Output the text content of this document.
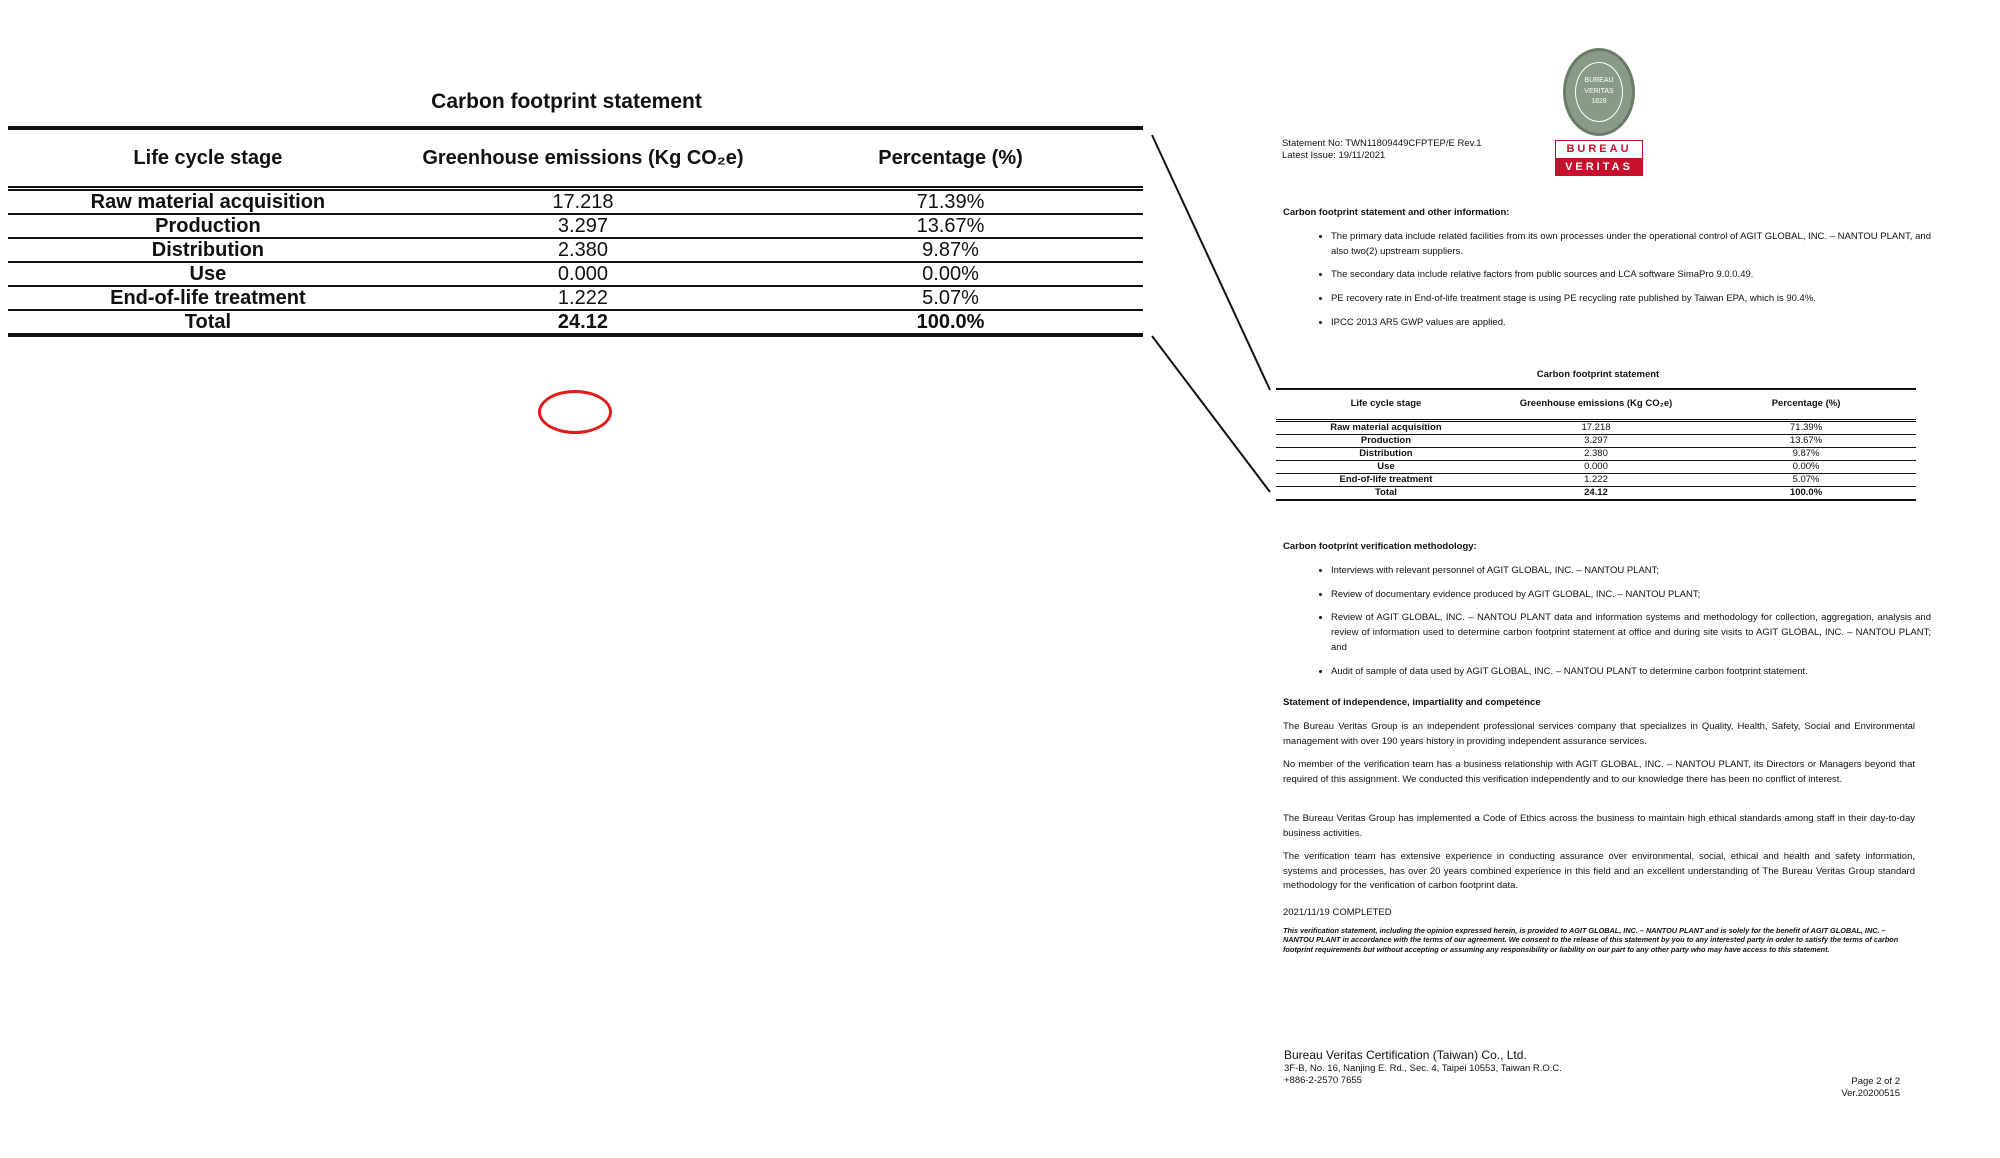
Carbon footprint statement
Life cycle stage	Greenhouse emissions (Kg CO₂e)	Percentage (%)
Raw material acquisition	17.218	71.39%
Production	3.297	13.67%
Distribution	2.380	9.87%
Use	0.000	0.00%
End-of-life treatment	1.222	5.07%
Total	24.12	100.0%
BUREAU VERITAS 1828
BUREAU
VERITAS
Statement No: TWN11809449CFPTEP/E Rev.1
Latest Issue: 19/11/2021
Carbon footprint statement and other information:
• The primary data include related facilities from its own processes under the operational control of AGIT GLOBAL, INC. – NANTOU PLANT, and also two(2) upstream suppliers.
• The secondary data include relative factors from public sources and LCA software SimaPro 9.0.0.49.
• PE recovery rate in End-of-life treatment stage is using PE recycling rate published by Taiwan EPA, which is 90.4%.
• IPCC 2013 AR5 GWP values are applied.
Carbon footprint statement
Life cycle stage	Greenhouse emissions (Kg CO₂e)	Percentage (%)
Raw material acquisition	17.218	71.39%
Production	3.297	13.67%
Distribution	2.380	9.87%
Use	0.000	0.00%
End-of-life treatment	1.222	5.07%
Total	24.12	100.0%
Carbon footprint verification methodology:
• Interviews with relevant personnel of AGIT GLOBAL, INC. – NANTOU PLANT;
• Review of documentary evidence produced by AGIT GLOBAL, INC. – NANTOU PLANT;
• Review of AGIT GLOBAL, INC. – NANTOU PLANT data and information systems and methodology for collection, aggregation, analysis and review of information used to determine carbon footprint statement at office and during site visits to AGIT GLOBAL, INC. – NANTOU PLANT; and
• Audit of sample of data used by AGIT GLOBAL, INC. – NANTOU PLANT to determine carbon footprint statement.
Statement of independence, impartiality and competence
The Bureau Veritas Group is an independent professional services company that specializes in Quality, Health, Safety, Social and Environmental management with over 190 years history in providing independent assurance services.
No member of the verification team has a business relationship with AGIT GLOBAL, INC. – NANTOU PLANT, its Directors or Managers beyond that required of this assignment. We conducted this verification independently and to our knowledge there has been no conflict of interest.
The Bureau Veritas Group has implemented a Code of Ethics across the business to maintain high ethical standards among staff in their day-to-day business activities.
The verification team has extensive experience in conducting assurance over environmental, social, ethical and health and safety information, systems and processes, has over 20 years combined experience in this field and an excellent understanding of The Bureau Veritas Group standard methodology for the verification of carbon footprint data.
2021/11/19 COMPLETED
This verification statement, including the opinion expressed herein, is provided to AGIT GLOBAL, INC. – NANTOU PLANT and is solely for the benefit of AGIT GLOBAL, INC. – NANTOU PLANT in accordance with the terms of our agreement. We consent to the release of this statement by you to any interested party in order to satisfy the terms of carbon footprint requirements but without accepting or assuming any responsibility or liability on our part to any other party who may have access to this statement.
Bureau Veritas Certification (Taiwan) Co., Ltd.
3F-B, No. 16, Nanjing E. Rd., Sec. 4, Taipei 10553, Taiwan R.O.C.
+886-2-2570 7655	Page 2 of 2
Ver.20200515
